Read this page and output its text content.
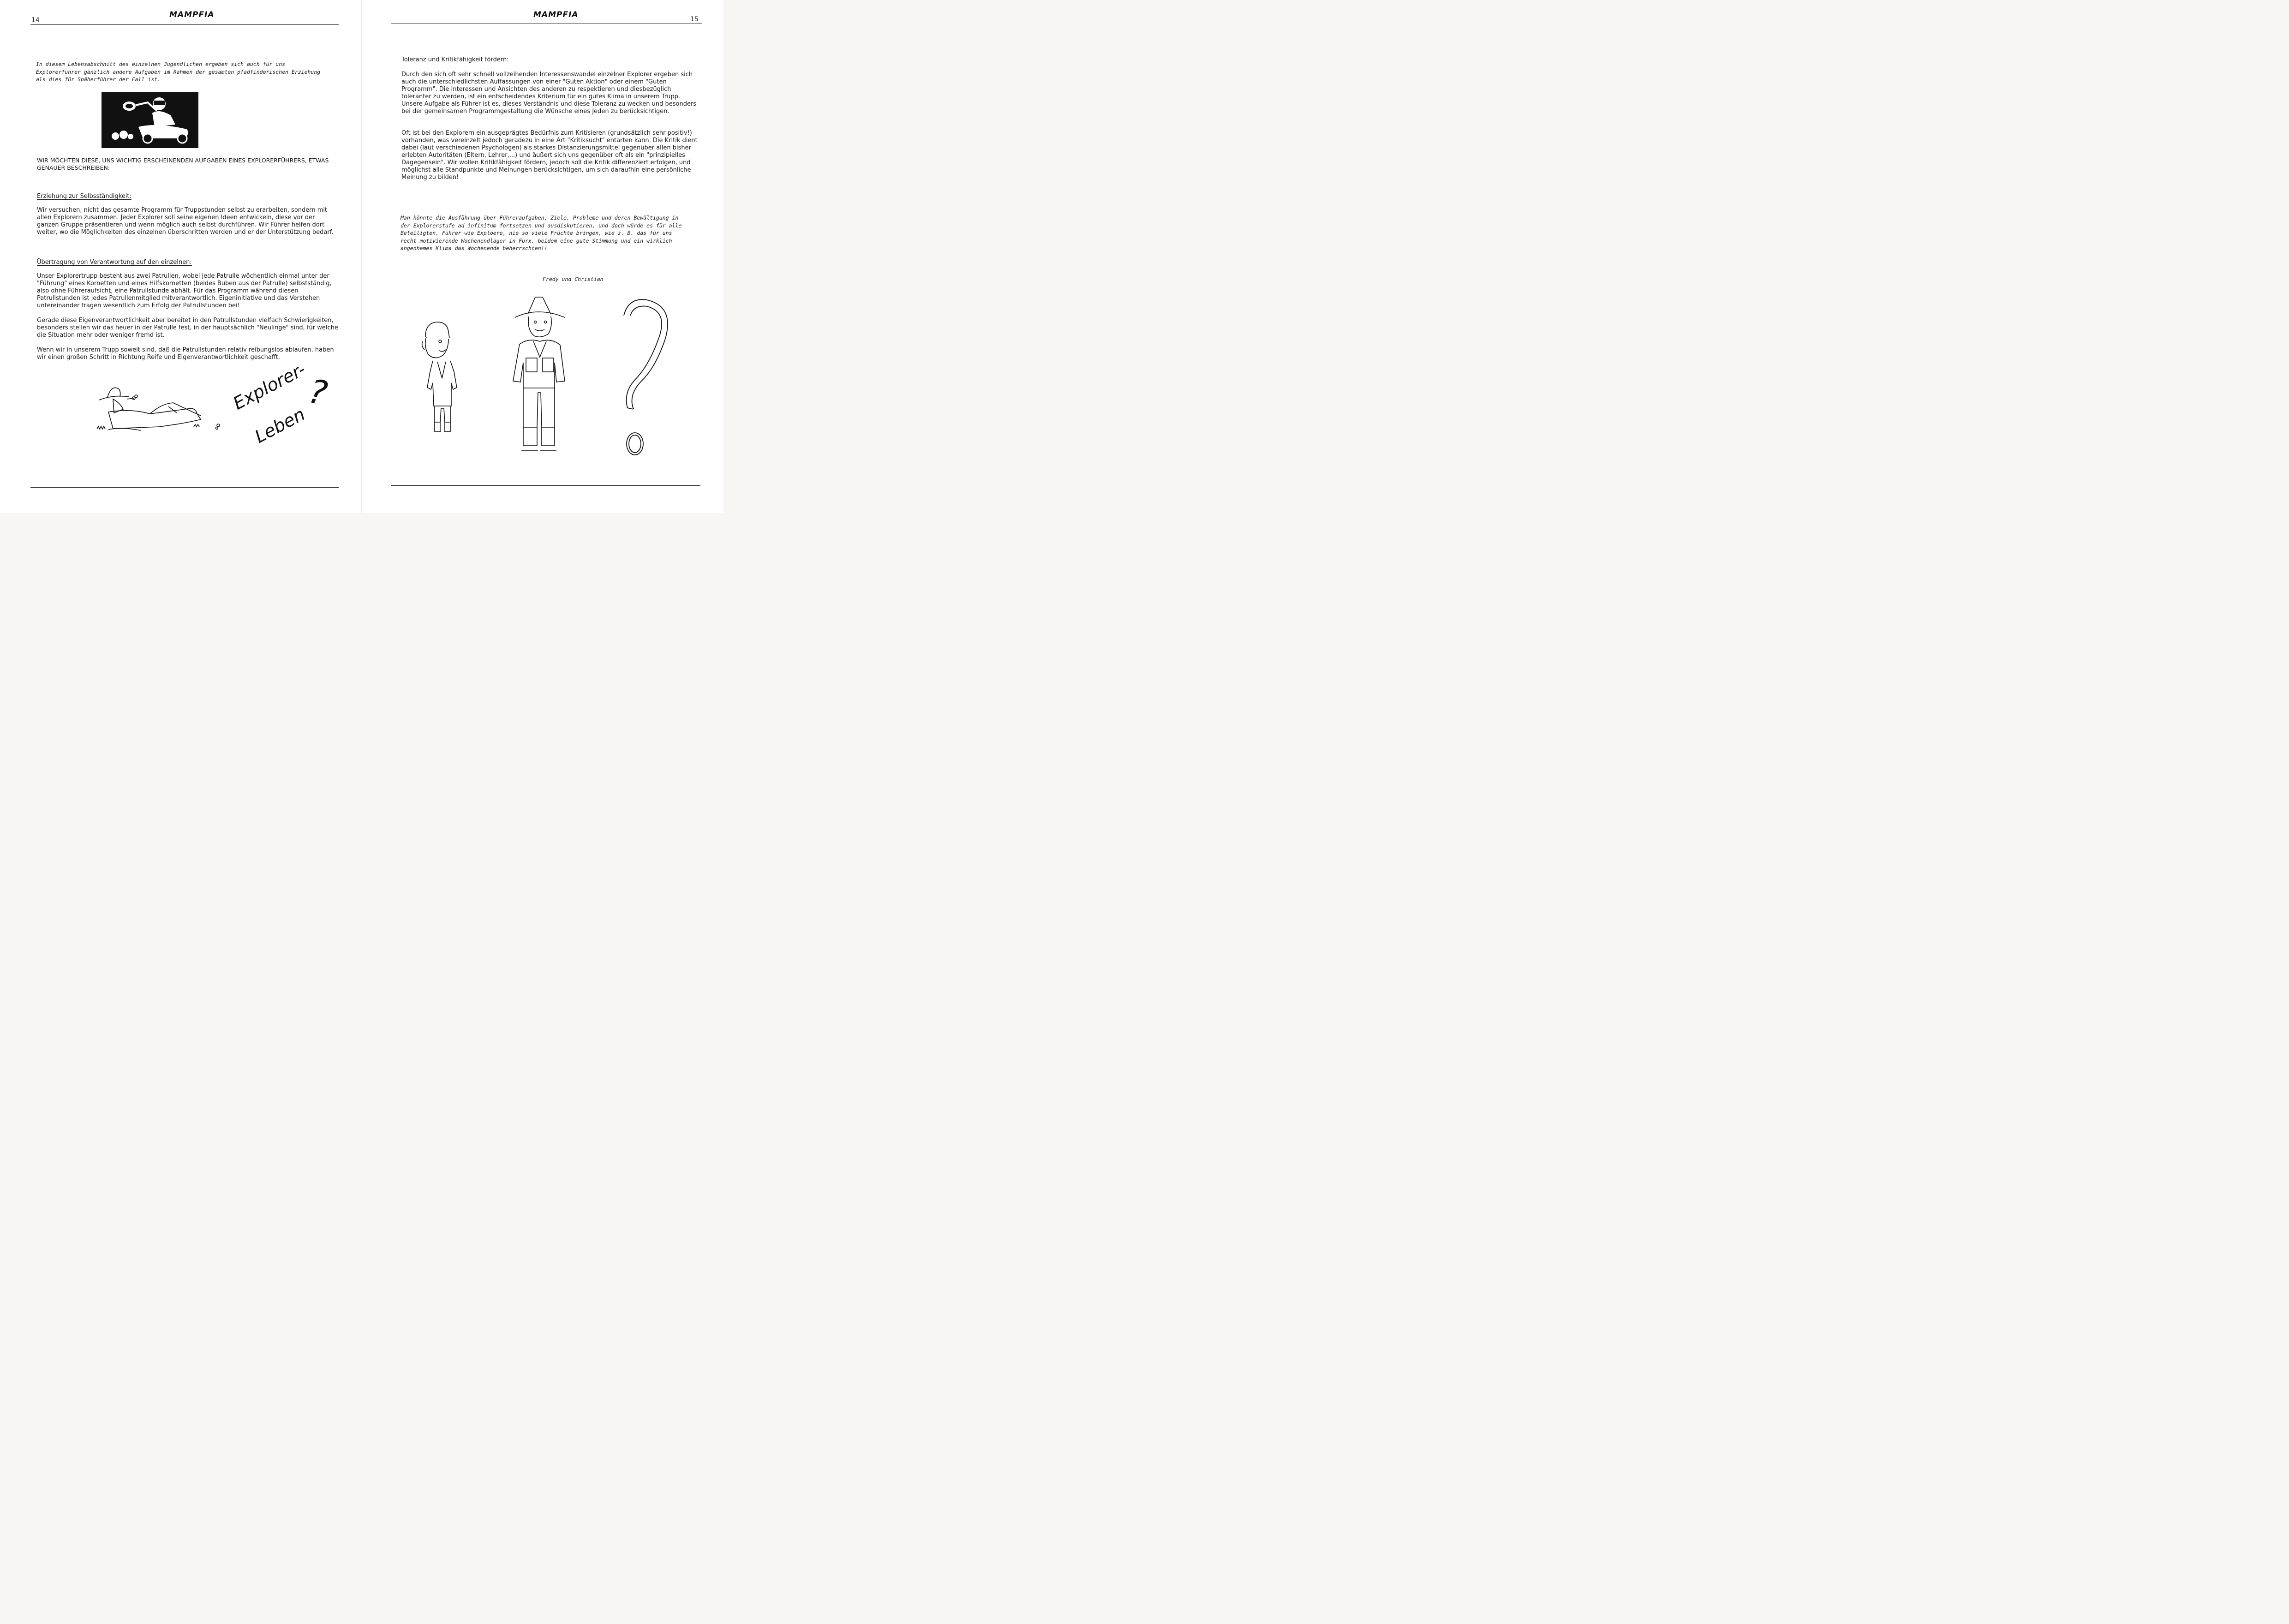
14
MAMPFIA

In diesem Lebensabschnitt des einzelnen Jugendlichen ergeben sich auch für uns Explorerführer gänzlich andere Aufgaben im Rahmen der gesamten pfadfinderischen Erziehung als dies für Späherführer der Fall ist.

WIR MÖCHTEN DIESE, UNS WICHTIG ERSCHEINENDEN AUFGABEN EINES EXPLORERFÜHRERS, ETWAS GENAUER BESCHREIBEN:

Erziehung zur Selbsständigkeit:

Wir versuchen, nicht das gesamte Programm für Truppstunden selbst zu erarbeiten, sondern mit allen Explorern zusammen. Jeder Explorer soll seine eigenen Ideen entwickeln, diese vor der ganzen Gruppe präsentieren und wenn möglich auch selbst durchführen. Wir Führer helfen dort weiter, wo die Möglichkeiten des einzelnen überschritten werden und er der Unterstützung bedarf.

Übertragung von Verantwortung auf den einzelnen:

Unser Explorertrupp besteht aus zwei Patrullen, wobei jede Patrulle wöchentlich einmal unter der "Führung" eines Kornetten und eines Hilfskornetten (beides Buben aus der Patrulle) selbstständig, also ohne Führeraufsicht, eine Patrullstunde abhält. Für das Programm während diesen Patrullstunden ist jedes Patrullenmitglied mitverantwortlich. Eigeninitiative und das Verstehen untereinander tragen wesentlich zum Erfolg der Patrullstunden bei!

Gerade diese Eigenverantwortlichkeit aber bereitet in den Patrullstunden vielfach Schwierigkeiten, besonders stellen wir das heuer in der Patrulle fest, in der hauptsächlich "Neulinge" sind, für welche die Situation mehr oder weniger fremd ist.

Wenn wir in unserem Trupp soweit sind, daß die Patrullstunden relativ reibungslos ablaufen, haben wir einen großen Schritt in Richtung Reife und Eigenverantwortlichkeit geschafft.

Explorer-
Leben
?
MAMPFIA	15

Toleranz und Kritikfähigkeit fördern:

Durch den sich oft sehr schnell vollzeihenden Interessenswandel einzelner Explorer ergeben sich auch die unterschiedlichsten Auffassungen von einer "Guten Aktion" oder einem "Guten Programm". Die Interessen und Ansichten des anderen zu respektieren und diesbezüglich toleranter zu werden, ist ein entscheidendes Kriterium für ein gutes Klima in unserem Trupp. Unsere Aufgabe als Führer ist es, dieses Verständnis und diese Toleranz zu wecken und besonders bei der gemeinsamen Programmgestaltung die Wünsche eines Jeden zu berücksichtigen.

Oft ist bei den Explorern ein ausgeprägtes Bedürfnis zum Kritisieren (grundsätzlich sehr positiv!) vorhanden, was vereinzelt jedoch geradezu in eine Art "Kritiksucht" entarten kann. Die Kritik dient dabei (laut verschiedenen Psychologen) als starkes Distanzierungsmittel gegenüber allen bisher erlebten Autoritäten (Eltern, Lehrer,...) und äußert sich uns gegenüber oft als ein "prinzipielles Dagegensein". Wir wollen Kritikfähigkeit fördern, jedoch soll die Kritik differenziert erfolgen, und möglichst alle Standpunkte und Meinungen berücksichtigen, um sich daraufhin eine persönliche Meinung zu bilden!

Man könnte die Ausführung über Führeraufgaben, Ziele, Probleme und deren Bewältigung in der Explorerstufe ad infinitum fortsetzen und ausdiskutieren, und doch würde es für alle Beteiligten, Führer wie Exploere, nie so viele Früchte bringen, wie z. B. das für uns recht motivierende Wochenendlager in Furx, beidem eine gute Stimmung und ein wirklich angenhemes Klima das Wochenende beherrschten!!

Fredy und Christian
